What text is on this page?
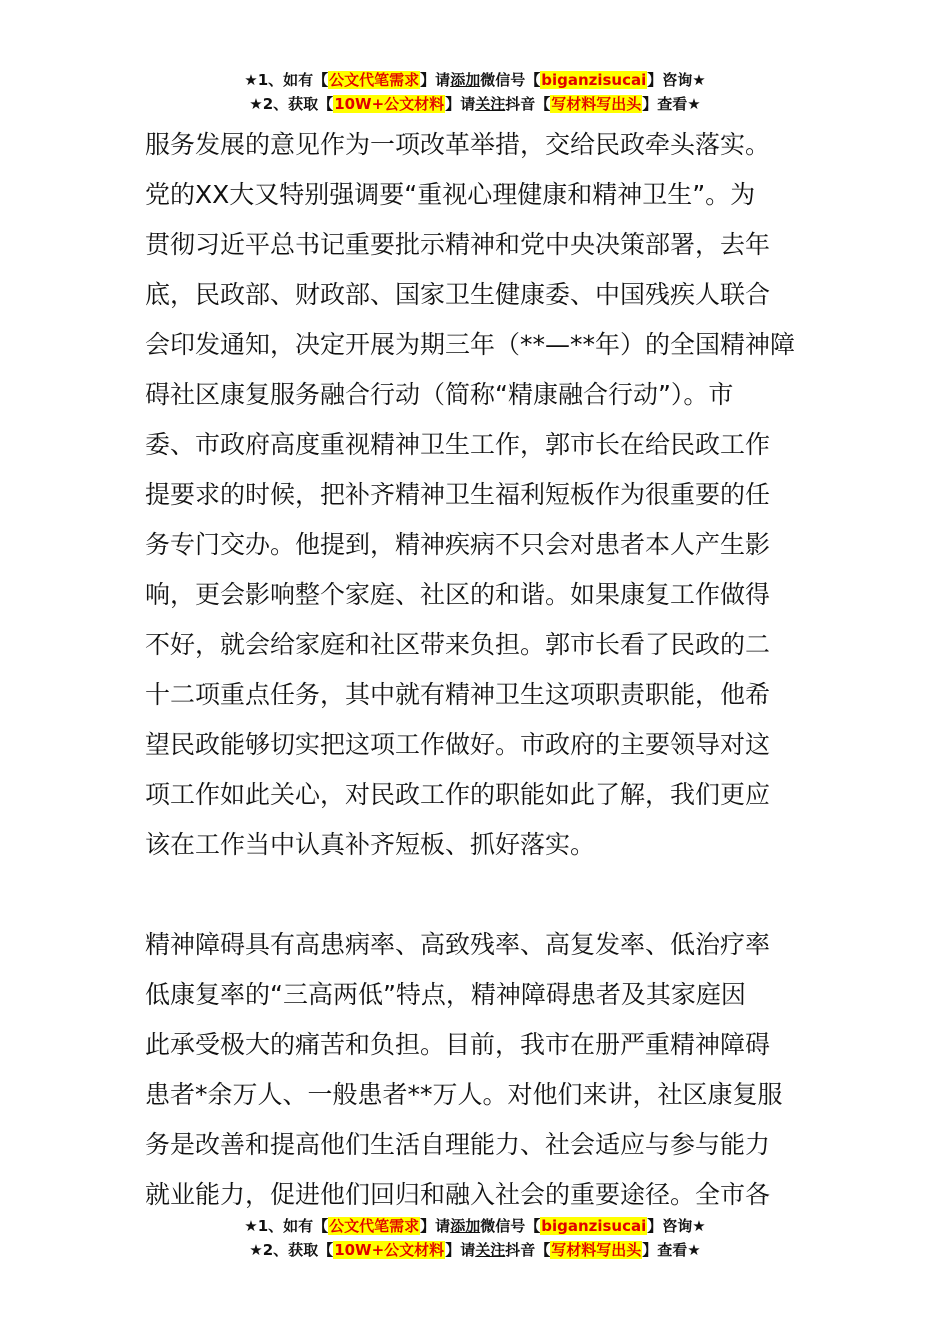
★1、如有【公文代笔需求】请添加微信号【biganzisucai】咨询★
★2、获取【10W+公文材料】请关注抖音【写材料写出头】查看★
服务发展的意见作为一项改革举措，交给民政牵头落实。
党的XX大又特别强调要“重视心理健康和精神卫生”。为
贯彻习近平总书记重要批示精神和党中央决策部署，去年
底，民政部、财政部、国家卫生健康委、中国残疾人联合
会印发通知，决定开展为期三年（**—**年）的全国精神障
碍社区康复服务融合行动（简称“精康融合行动”）。市
委、市政府高度重视精神卫生工作，郭市长在给民政工作
提要求的时候，把补齐精神卫生福利短板作为很重要的任
务专门交办。他提到，精神疾病不只会对患者本人产生影
响，更会影响整个家庭、社区的和谐。如果康复工作做得
不好，就会给家庭和社区带来负担。郭市长看了民政的二
十二项重点任务，其中就有精神卫生这项职责职能，他希
望民政能够切实把这项工作做好。市政府的主要领导对这
项工作如此关心，对民政工作的职能如此了解，我们更应
该在工作当中认真补齐短板、抓好落实。
精神障碍具有高患病率、高致残率、高复发率、低治疗率
低康复率的“三高两低”特点，精神障碍患者及其家庭因
此承受极大的痛苦和负担。目前，我市在册严重精神障碍
患者*余万人、一般患者**万人。对他们来讲，社区康复服
务是改善和提高他们生活自理能力、社会适应与参与能力
就业能力，促进他们回归和融入社会的重要途径。全市各
★1、如有【公文代笔需求】请添加微信号【biganzisucai】咨询★
★2、获取【10W+公文材料】请关注抖音【写材料写出头】查看★
